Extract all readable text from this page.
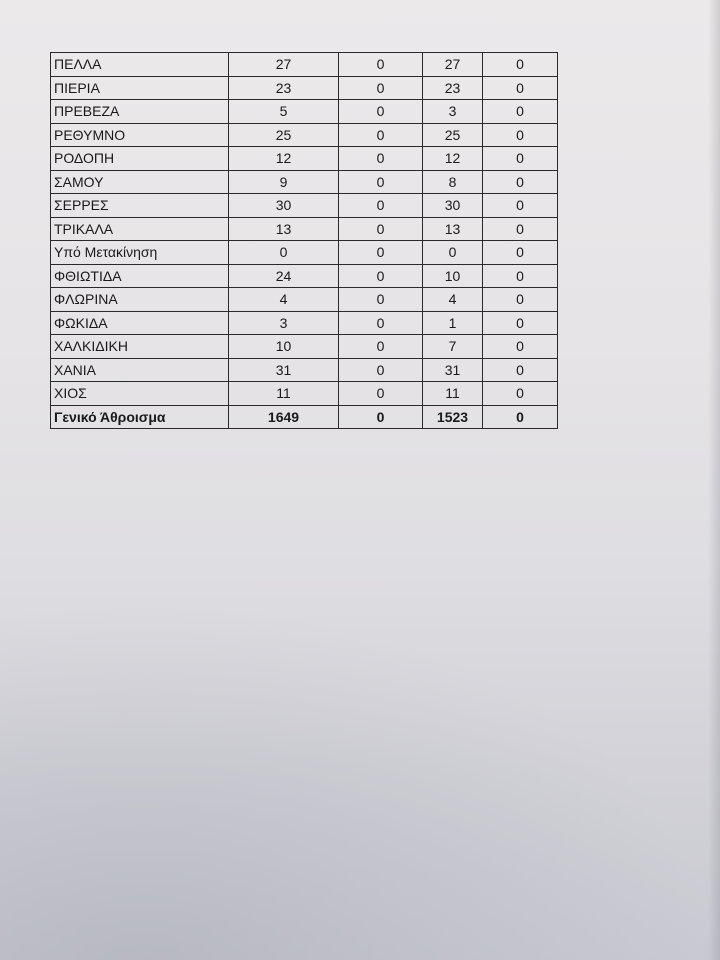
ΠΕΛΛΑ	27	0	27	0
ΠΙΕΡΙΑ	23	0	23	0
ΠΡΕΒΕΖΑ	5	0	3	0
ΡΕΘΥΜΝΟ	25	0	25	0
ΡΟΔΟΠΗ	12	0	12	0
ΣΑΜΟΥ	9	0	8	0
ΣΕΡΡΕΣ	30	0	30	0
ΤΡΙΚΑΛΑ	13	0	13	0
Υπό Μετακίνηση	0	0	0	0
ΦΘΙΩΤΙΔΑ	24	0	10	0
ΦΛΩΡΙΝΑ	4	0	4	0
ΦΩΚΙΔΑ	3	0	1	0
ΧΑΛΚΙΔΙΚΗ	10	0	7	0
ΧΑΝΙΑ	31	0	31	0
ΧΙΟΣ	11	0	11	0
Γενικό Άθροισμα	1649	0	1523	0
